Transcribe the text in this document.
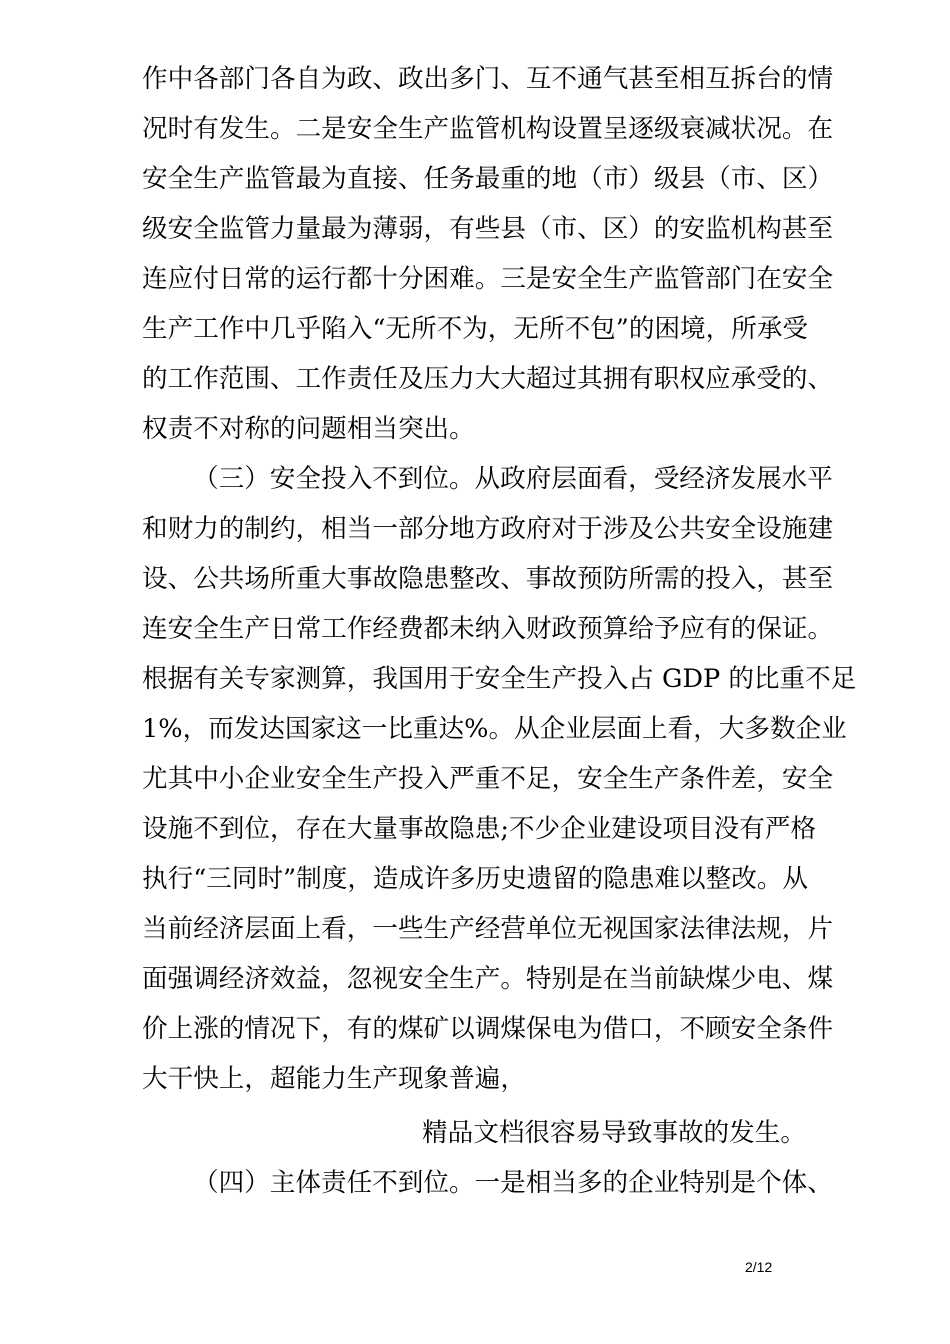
作中各部门各自为政、政出多门、互不通气甚至相互拆台的情
况时有发生。二是安全生产监管机构设置呈逐级衰减状况。在
安全生产监管最为直接、任务最重的地（市）级县（市、区）
级安全监管力量最为薄弱，有些县（市、区）的安监机构甚至
连应付日常的运行都十分困难。三是安全生产监管部门在安全
生产工作中几乎陷入“无所不为，无所不包”的困境，所承受
的工作范围、工作责任及压力大大超过其拥有职权应承受的、
权责不对称的问题相当突出。
（三）安全投入不到位。从政府层面看，受经济发展水平
和财力的制约，相当一部分地方政府对于涉及公共安全设施建
设、公共场所重大事故隐患整改、事故预防所需的投入，甚至
连安全生产日常工作经费都未纳入财政预算给予应有的保证。
根据有关专家测算，我国用于安全生产投入占 GDP 的比重不足
1%，而发达国家这一比重达%。从企业层面上看，大多数企业
尤其中小企业安全生产投入严重不足，安全生产条件差，安全
设施不到位，存在大量事故隐患;不少企业建设项目没有严格
执行“三同时”制度，造成许多历史遗留的隐患难以整改。从
当前经济层面上看，一些生产经营单位无视国家法律法规，片
面强调经济效益，忽视安全生产。特别是在当前缺煤少电、煤
价上涨的情况下，有的煤矿以调煤保电为借口，不顾安全条件
大干快上，超能力生产现象普遍，
精品文档很容易导致事故的发生。
（四）主体责任不到位。一是相当多的企业特别是个体、
2/12
